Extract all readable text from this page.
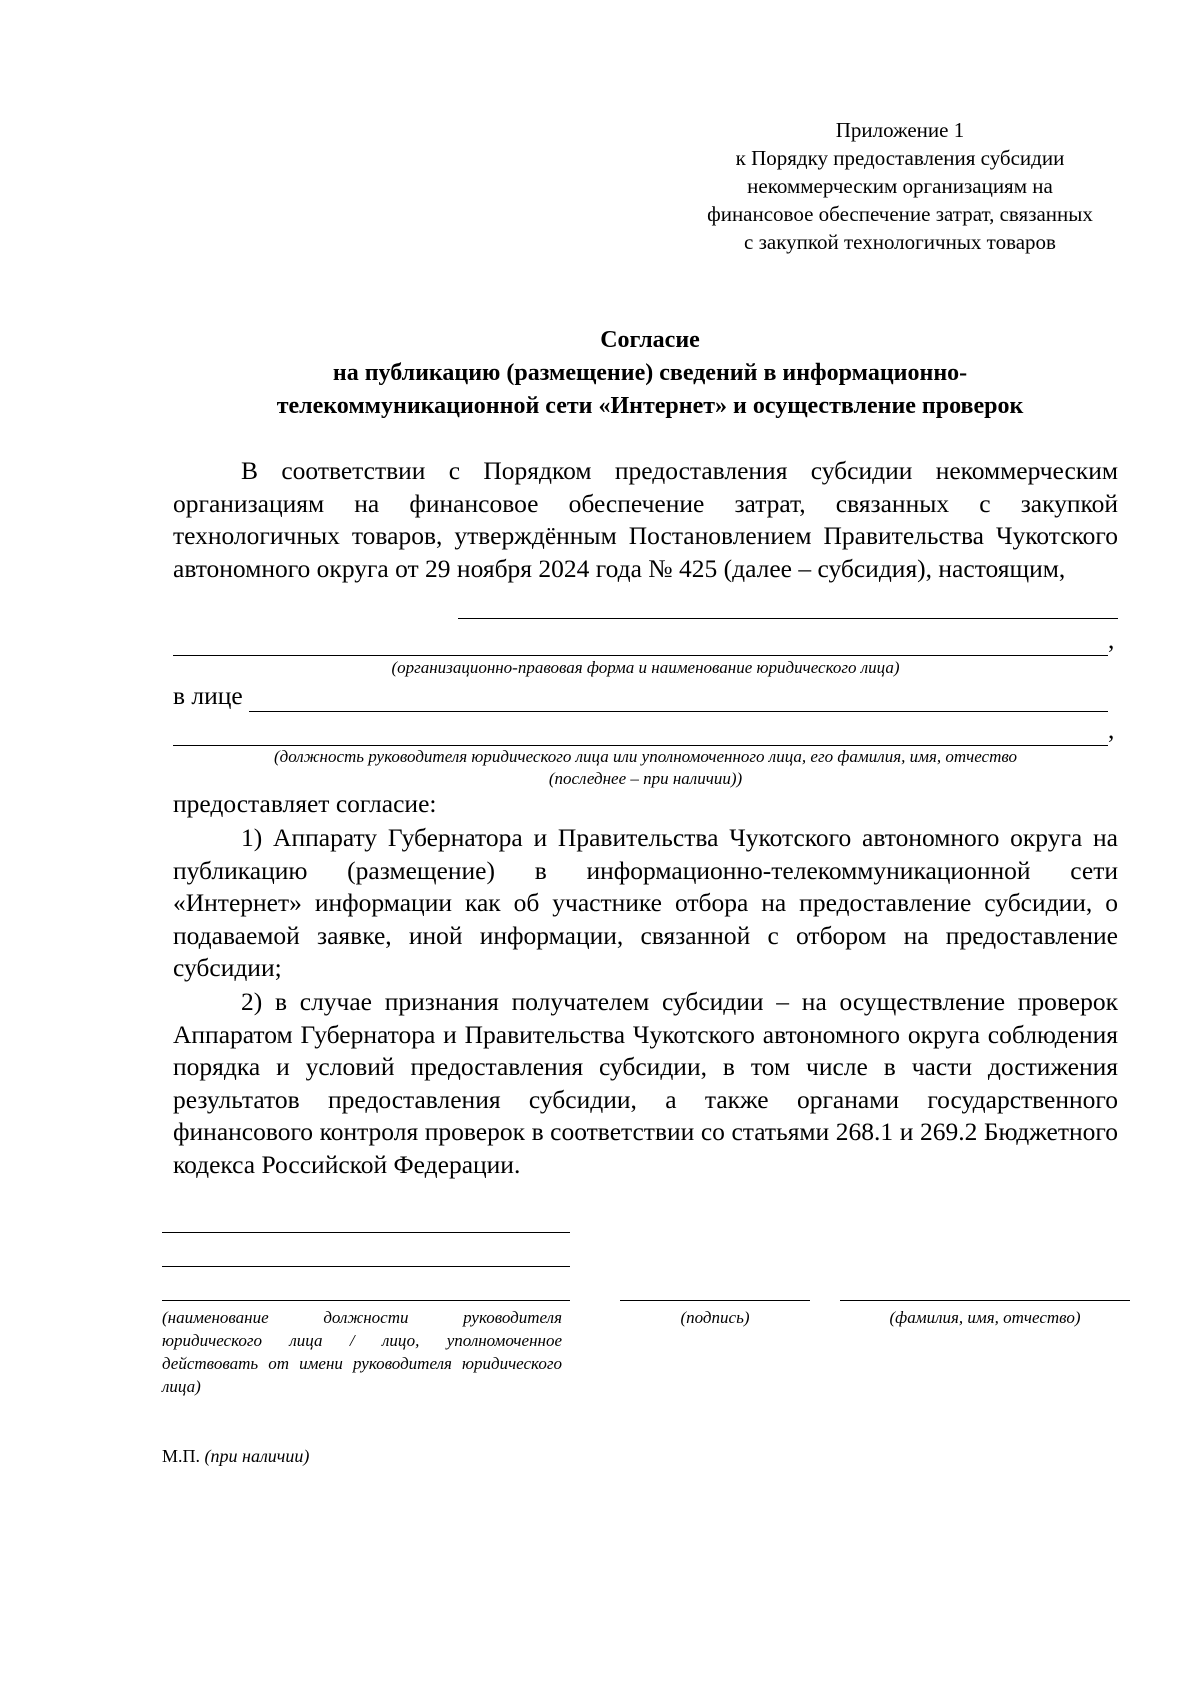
Приложение 1
к Порядку предоставления субсидии
некоммерческим организациям на
финансовое обеспечение затрат, связанных
с закупкой технологичных товаров
Согласие
на публикацию (размещение) сведений в информационно-
телекоммуникационной сети «Интернет» и осуществление проверок
В соответствии с Порядком предоставления субсидии некоммерческим организациям на финансовое обеспечение затрат, связанных с закупкой технологичных товаров, утверждённым Постановлением Правительства Чукотского автономного округа от 29 ноября 2024 года № 425 (далее – субсидия), настоящим,
,
(организационно-правовая форма и наименование юридического лица)
в лице
,
(должность руководителя юридического лица или уполномоченного лица, его фамилия, имя, отчество
(последнее – при наличии))
предоставляет согласие:
1) Аппарату Губернатора и Правительства Чукотского автономного округа на публикацию (размещение) в информационно-телекоммуникационной сети «Интернет» информации как об участнике отбора на предоставление субсидии, о подаваемой заявке, иной информации, связанной с отбором на предоставление субсидии;
2) в случае признания получателем субсидии – на осуществление проверок Аппаратом Губернатора и Правительства Чукотского автономного округа соблюдения порядка и условий предоставления субсидии, в том числе в части достижения результатов предоставления субсидии, а также органами государственного финансового контроля проверок в соответствии со статьями 268.1 и 269.2 Бюджетного кодекса Российской Федерации.
(наименование должности руководителя юридического лица / лицо, уполномоченное действовать от имени руководителя юридического лица)
(подпись)	(фамилия, имя, отчество)
М.П. (при наличии)
